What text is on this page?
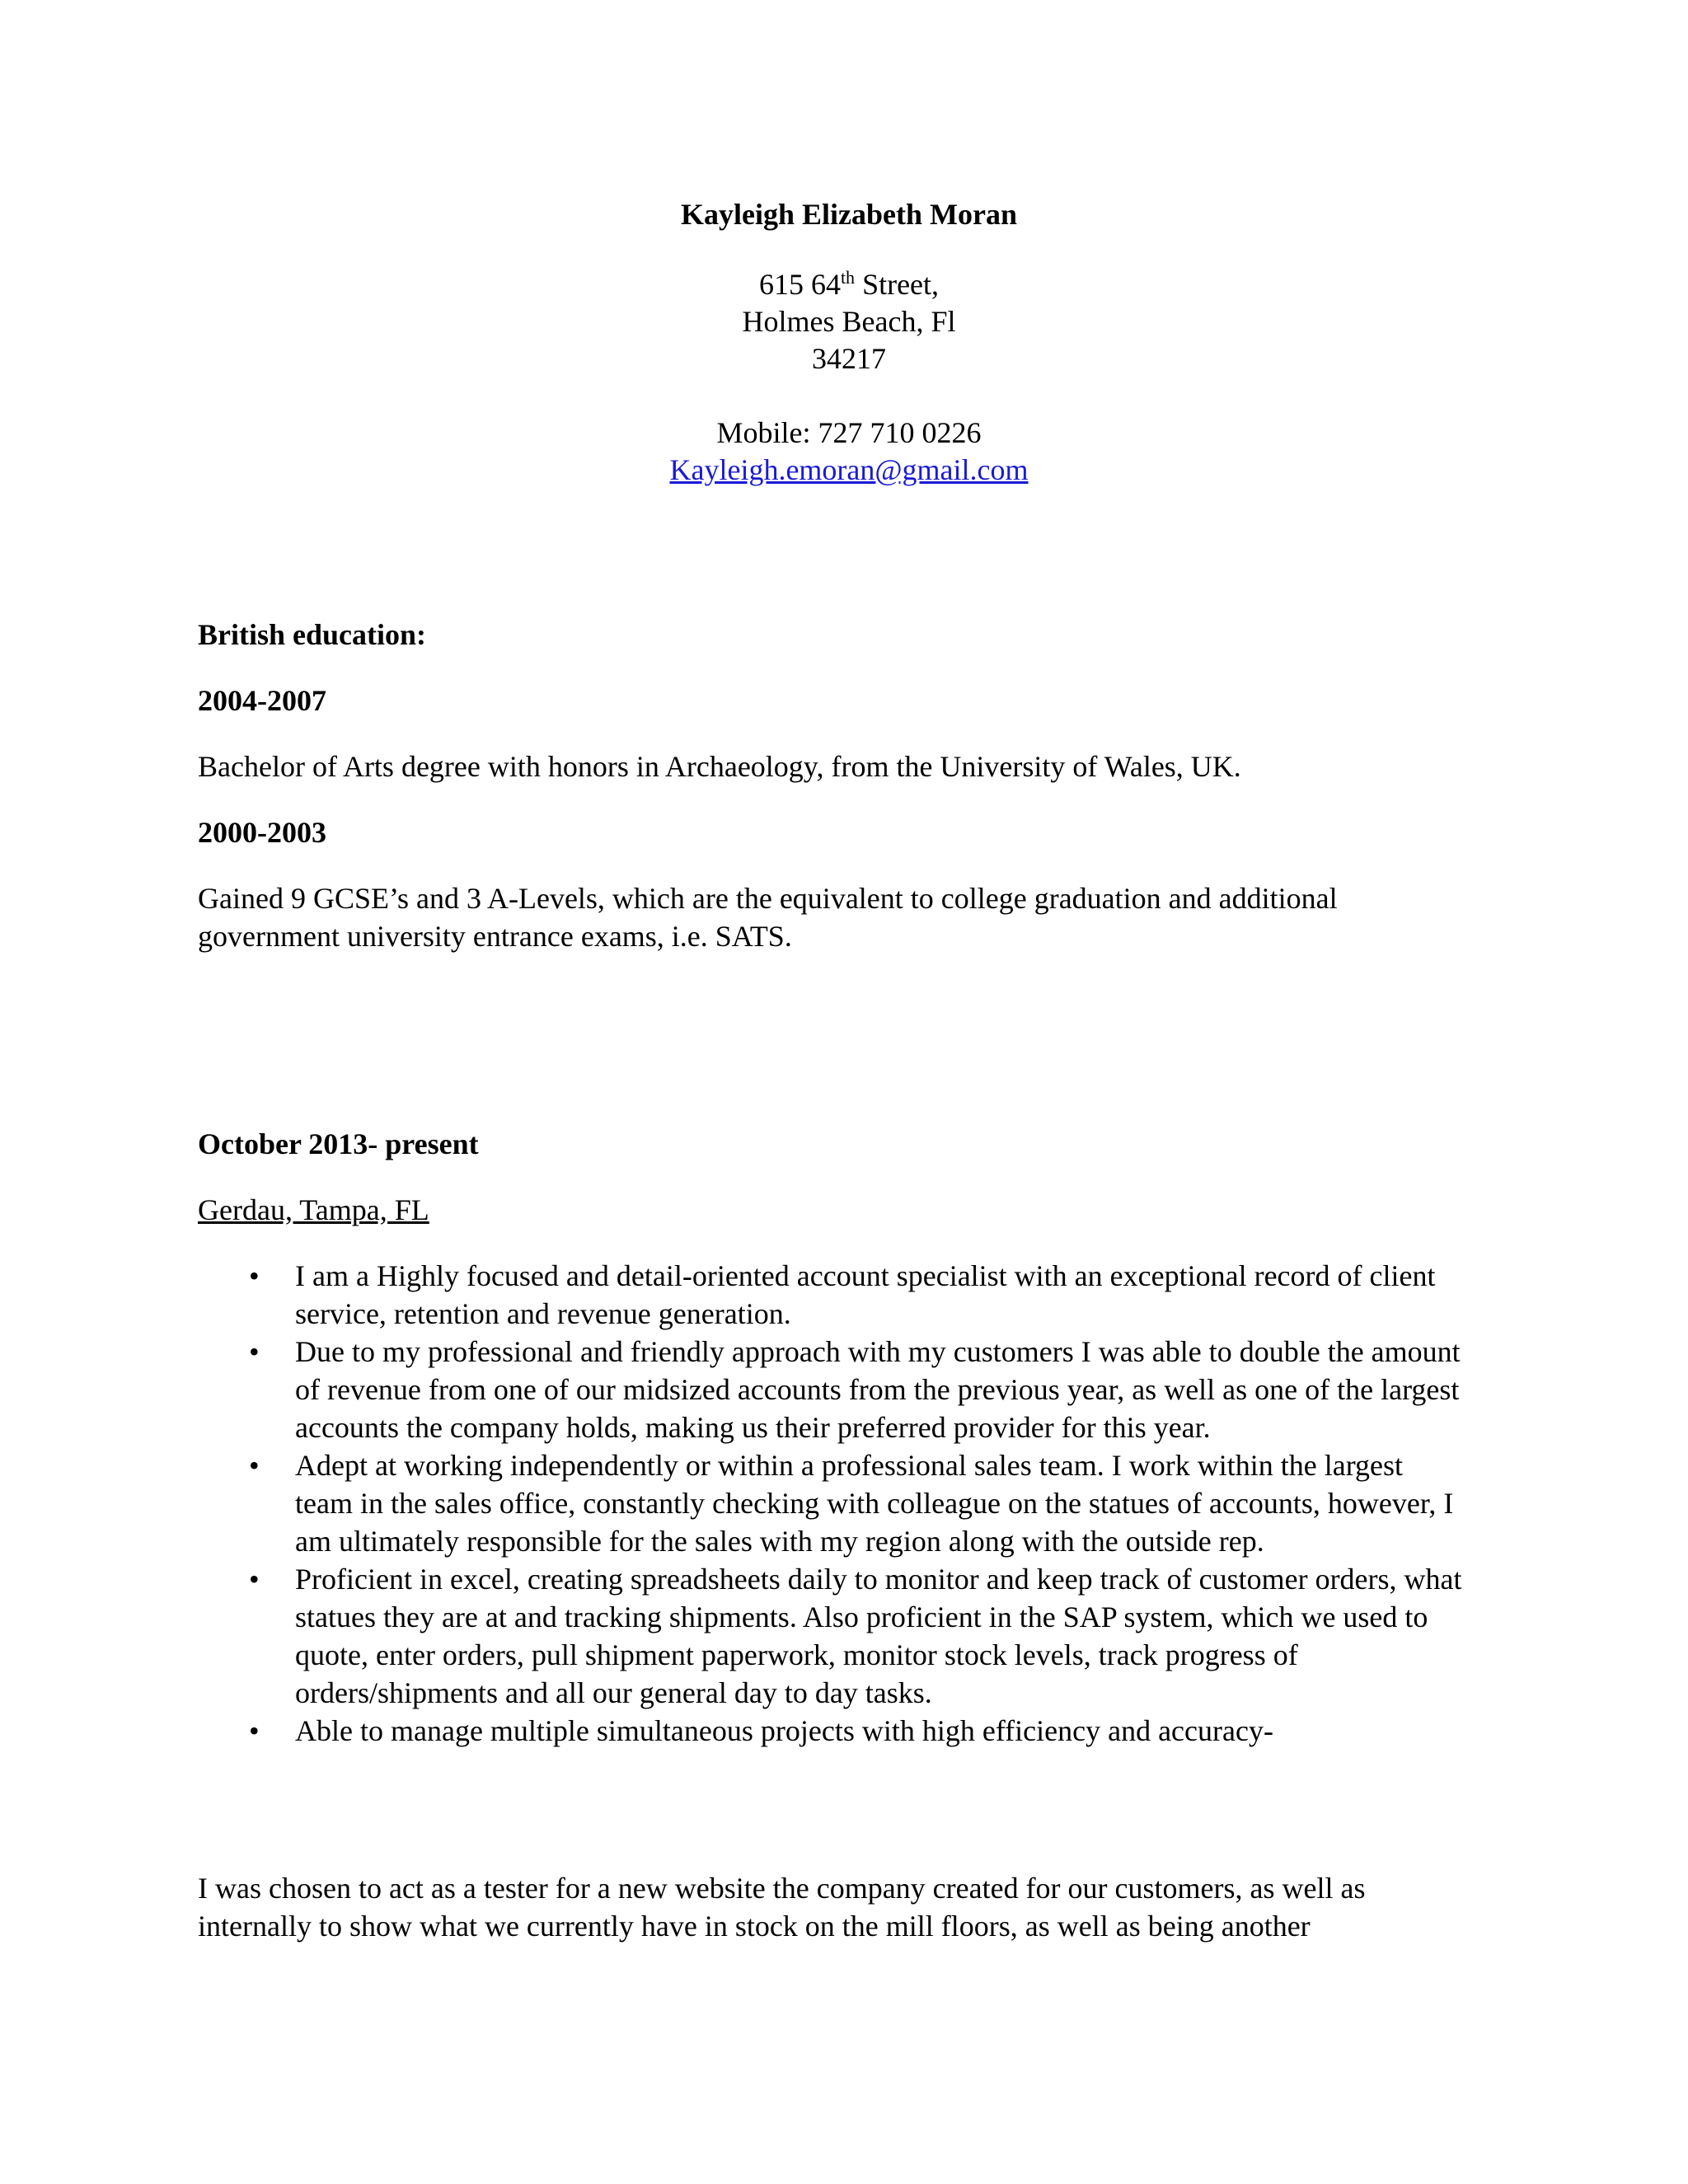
Kayleigh Elizabeth Moran
615 64th Street,
Holmes Beach, Fl
34217
Mobile: 727 710 0226
Kayleigh.emoran@gmail.com

British education:

2004-2007

Bachelor of Arts degree with honors in Archaeology, from the University of Wales, UK.

2000-2003

Gained 9 GCSE’s and 3 A-Levels, which are the equivalent to college graduation and additional government university entrance exams, i.e. SATS.

October 2013- present

Gerdau, Tampa, FL

• I am a Highly focused and detail-oriented account specialist with an exceptional record of client service, retention and revenue generation.
• Due to my professional and friendly approach with my customers I was able to double the amount of revenue from one of our midsized accounts from the previous year, as well as one of the largest accounts the company holds, making us their preferred provider for this year.
• Adept at working independently or within a professional sales team. I work within the largest team in the sales office, constantly checking with colleague on the statues of accounts, however, I am ultimately responsible for the sales with my region along with the outside rep.
• Proficient in excel, creating spreadsheets daily to monitor and keep track of customer orders, what statues they are at and tracking shipments. Also proficient in the SAP system, which we used to quote, enter orders, pull shipment paperwork, monitor stock levels, track progress of orders/shipments and all our general day to day tasks.
• Able to manage multiple simultaneous projects with high efficiency and accuracy-

I was chosen to act as a tester for a new website the company created for our customers, as well as internally to show what we currently have in stock on the mill floors, as well as being another
